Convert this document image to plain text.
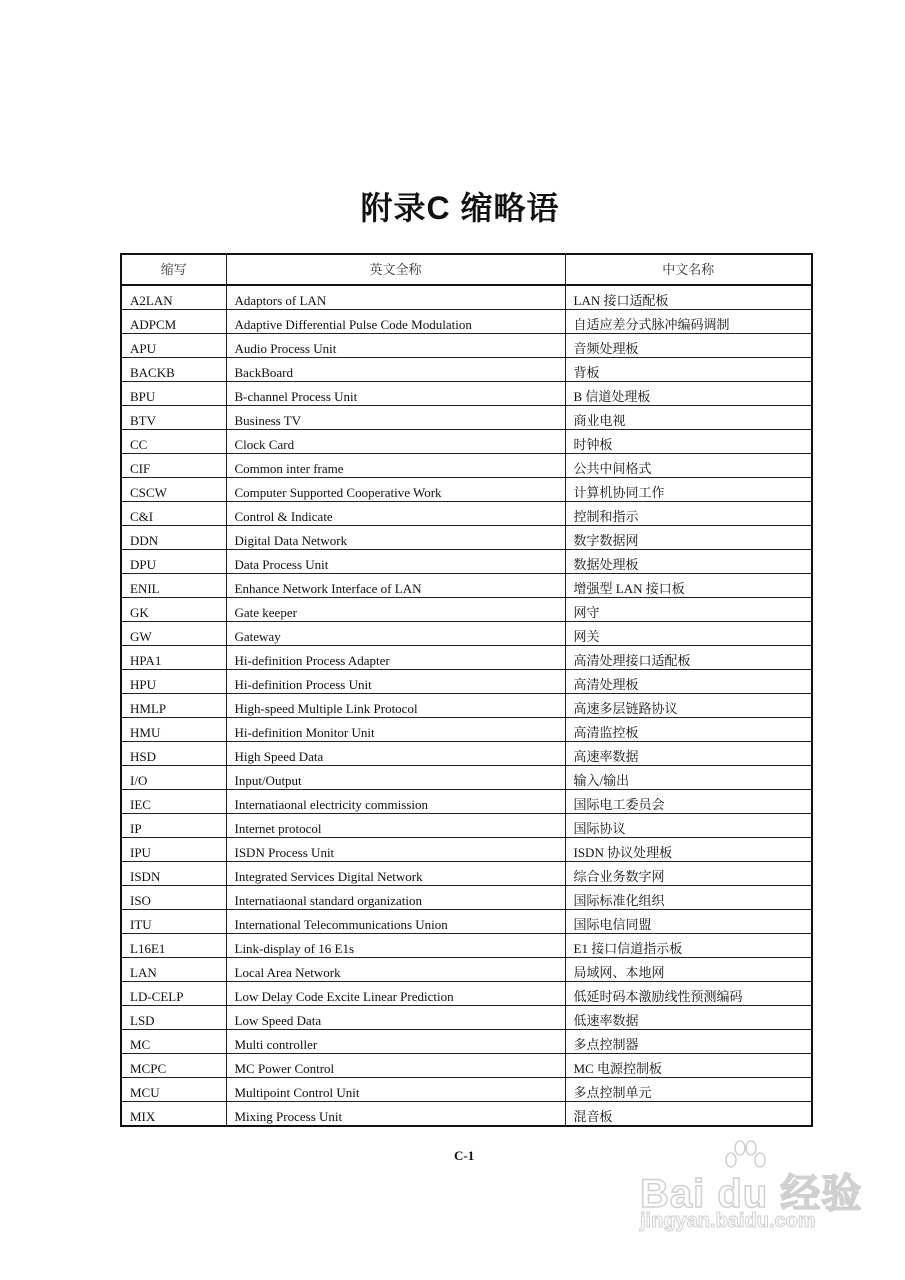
附录C 缩略语
缩写	英文全称	中文名称
A2LAN	Adaptors of LAN	LAN 接口适配板
ADPCM	Adaptive Differential Pulse Code Modulation	自适应差分式脉冲编码调制
APU	Audio Process Unit	音频处理板
BACKB	BackBoard	背板
BPU	B-channel Process Unit	B 信道处理板
BTV	Business TV	商业电视
CC	Clock Card	时钟板
CIF	Common inter frame	公共中间格式
CSCW	Computer Supported Cooperative Work	计算机协同工作
C&I	Control & Indicate	控制和指示
DDN	Digital Data Network	数字数据网
DPU	Data Process Unit	数据处理板
ENIL	Enhance Network Interface of LAN	增强型 LAN 接口板
GK	Gate keeper	网守
GW	Gateway	网关
HPA1	Hi-definition Process Adapter	高清处理接口适配板
HPU	Hi-definition Process Unit	高清处理板
HMLP	High-speed Multiple Link Protocol	高速多层链路协议
HMU	Hi-definition Monitor Unit	高清监控板
HSD	High Speed Data	高速率数据
I/O	Input/Output	输入/输出
IEC	Internatiaonal electricity commission	国际电工委员会
IP	Internet protocol	国际协议
IPU	ISDN Process Unit	ISDN 协议处理板
ISDN	Integrated Services Digital Network	综合业务数字网
ISO	Internatiaonal standard organization	国际标准化组织
ITU	International Telecommunications Union	国际电信同盟
L16E1	Link-display of 16 E1s	E1 接口信道指示板
LAN	Local Area Network	局域网、本地网
LD-CELP	Low Delay Code Excite Linear Prediction	低延时码本激励线性预测编码
LSD	Low Speed Data	低速率数据
MC	Multi controller	多点控制器
MCPC	MC Power Control	MC 电源控制板
MCU	Multipoint Control Unit	多点控制单元
MIX	Mixing Process Unit	混音板
C-1
Bai du 经验
jingyan.baidu.com
